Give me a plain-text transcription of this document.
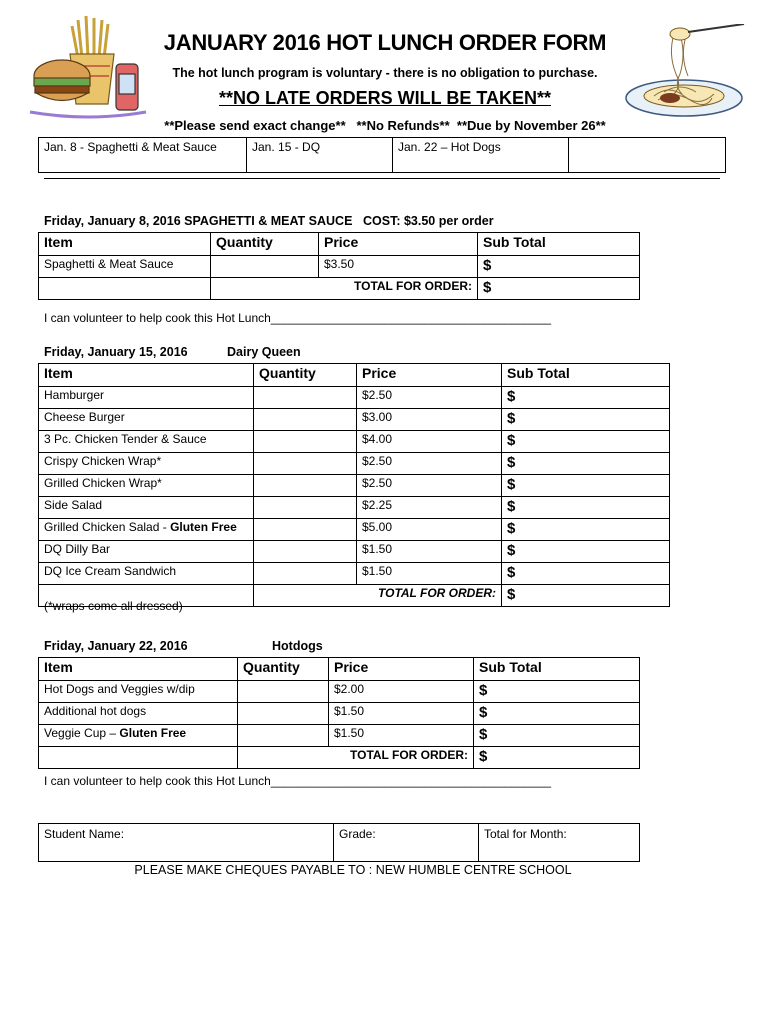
JANUARY 2016 HOT LUNCH ORDER FORM
The hot lunch program is voluntary - there is no obligation to purchase.
**NO LATE ORDERS WILL BE TAKEN**
**Please send exact change**   **No Refunds**  **Due by November 26**
Jan. 8 - Spaghetti & Meat Sauce	Jan. 15 - DQ	Jan. 22 – Hot Dogs	
Friday, January 8, 2016 SPAGHETTI & MEAT SAUCE COST: $3.50 per order
Item	Quantity	Price	Sub Total
Spaghetti & Meat Sauce		$3.50	$
	TOTAL FOR ORDER:		$
I can volunteer to help cook this Hot Lunch__________________________________________
Friday, January 15, 2016	Dairy Queen
Item	Quantity	Price	Sub Total
Hamburger		$2.50	$
Cheese Burger		$3.00	$
3 Pc. Chicken Tender & Sauce		$4.00	$
Crispy Chicken Wrap*		$2.50	$
Grilled Chicken Wrap*		$2.50	$
Side Salad		$2.25	$
Grilled Chicken Salad - Gluten Free		$5.00	$
DQ Dilly Bar		$1.50	$
DQ Ice Cream Sandwich		$1.50	$
	TOTAL FOR ORDER:		$
(*wraps come all dressed)
Friday, January 22, 2016	Hotdogs
Item	Quantity	Price	Sub Total
Hot Dogs and Veggies w/dip		$2.00	$
Additional hot dogs		$1.50	$
Veggie Cup – Gluten Free		$1.50	$
	TOTAL FOR ORDER:		$
I can volunteer to help cook this Hot Lunch__________________________________________
Student Name:	Grade:	Total for Month:
PLEASE MAKE CHEQUES PAYABLE TO : NEW HUMBLE CENTRE SCHOOL
